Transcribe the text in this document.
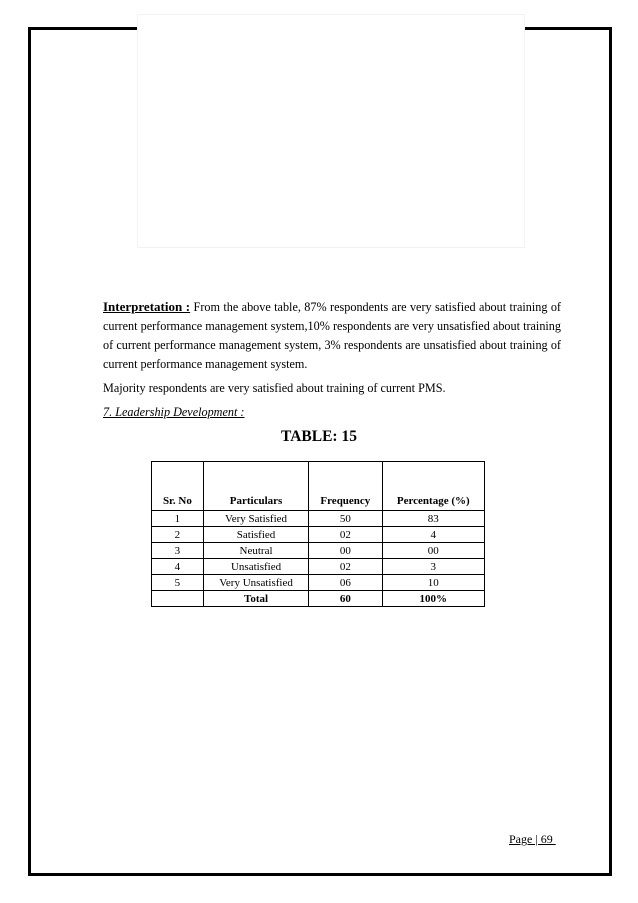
Interpretation : From the above table, 87% respondents are very satisfied about training of current performance management system,10% respondents are very unsatisfied about training of current performance management system, 3% respondents are unsatisfied about training of current performance management system.

Majority respondents are very satisfied about training of current PMS.

7. Leadership Development :

TABLE: 15

Sr. No	Particulars	Frequency	Percentage (%)
1	Very Satisfied	50	83
2	Satisfied	02	4
3	Neutral	00	00
4	Unsatisfied	02	3
5	Very Unsatisfied	06	10
	Total	60	100%

Page | 69
